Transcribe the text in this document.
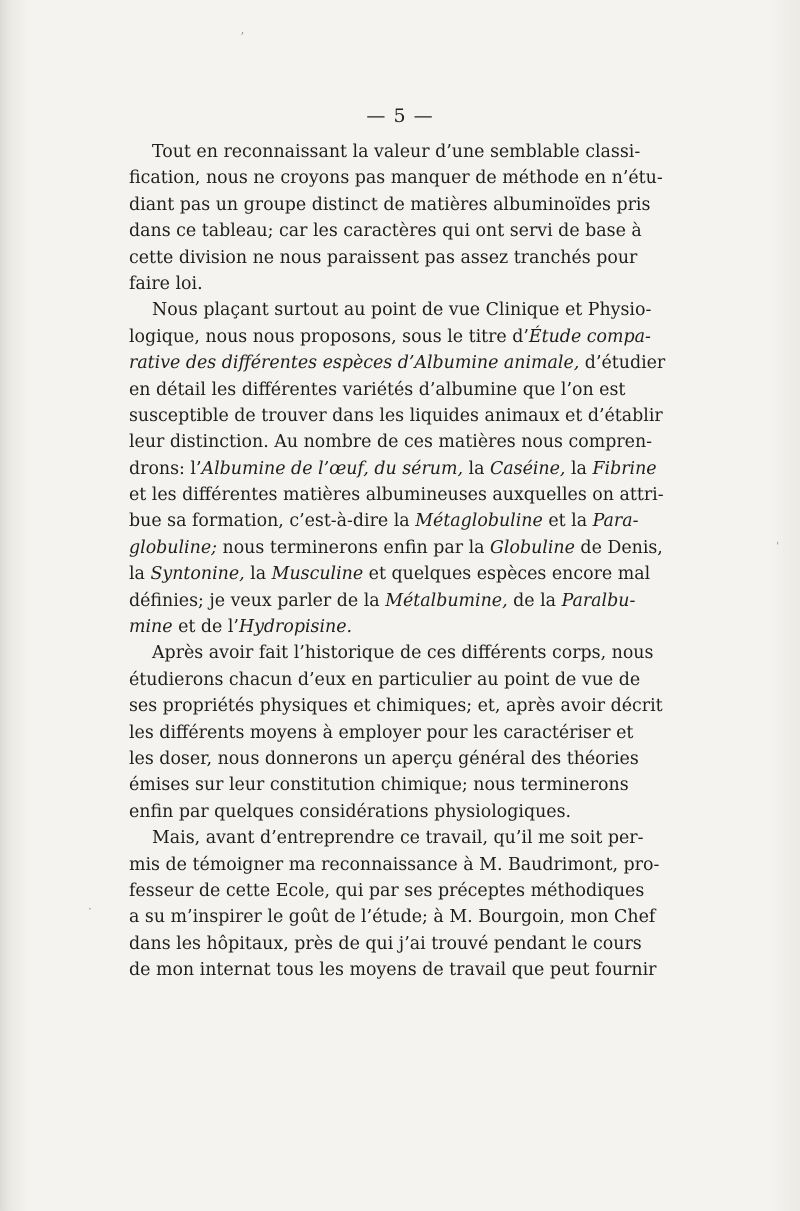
ʼ
ˌ
·
— 5 —
Tout en reconnaissant la valeur d’une semblable classi-
fication, nous ne croyons pas manquer de méthode en n’étu-
diant pas un groupe distinct de matières albuminoïdes pris
dans ce tableau; car les caractères qui ont servi de base à
cette division ne nous paraissent pas assez tranchés pour
faire loi.
Nous plaçant surtout au point de vue Clinique et Physio-
logique, nous nous proposons, sous le titre d’Étude compa-
rative des différentes espèces d’Albumine animale, d’étudier
en détail les différentes variétés d’albumine que l’on est
susceptible de trouver dans les liquides animaux et d’établir
leur distinction. Au nombre de ces matières nous compren-
drons: l’Albumine de l’œuf, du sérum, la Caséine, la Fibrine
et les différentes matières albumineuses auxquelles on attri-
bue sa formation, c’est-à-dire la Métaglobuline et la Para-
globuline; nous terminerons enfin par la Globuline de Denis,
la Syntonine, la Musculine et quelques espèces encore mal
définies; je veux parler de la Métalbumine, de la Paralbu-
mine et de l’Hydropisine.
Après avoir fait l’historique de ces différents corps, nous
étudierons chacun d’eux en particulier au point de vue de
ses propriétés physiques et chimiques; et, après avoir décrit
les différents moyens à employer pour les caractériser et
les doser, nous donnerons un aperçu général des théories
émises sur leur constitution chimique; nous terminerons
enfin par quelques considérations physiologiques.
Mais, avant d’entreprendre ce travail, qu’il me soit per-
mis de témoigner ma reconnaissance à M. Baudrimont, pro-
fesseur de cette Ecole, qui par ses préceptes méthodiques
a su m’inspirer le goût de l’étude; à M. Bourgoin, mon Chef
dans les hôpitaux, près de qui j’ai trouvé pendant le cours
de mon internat tous les moyens de travail que peut fournir
